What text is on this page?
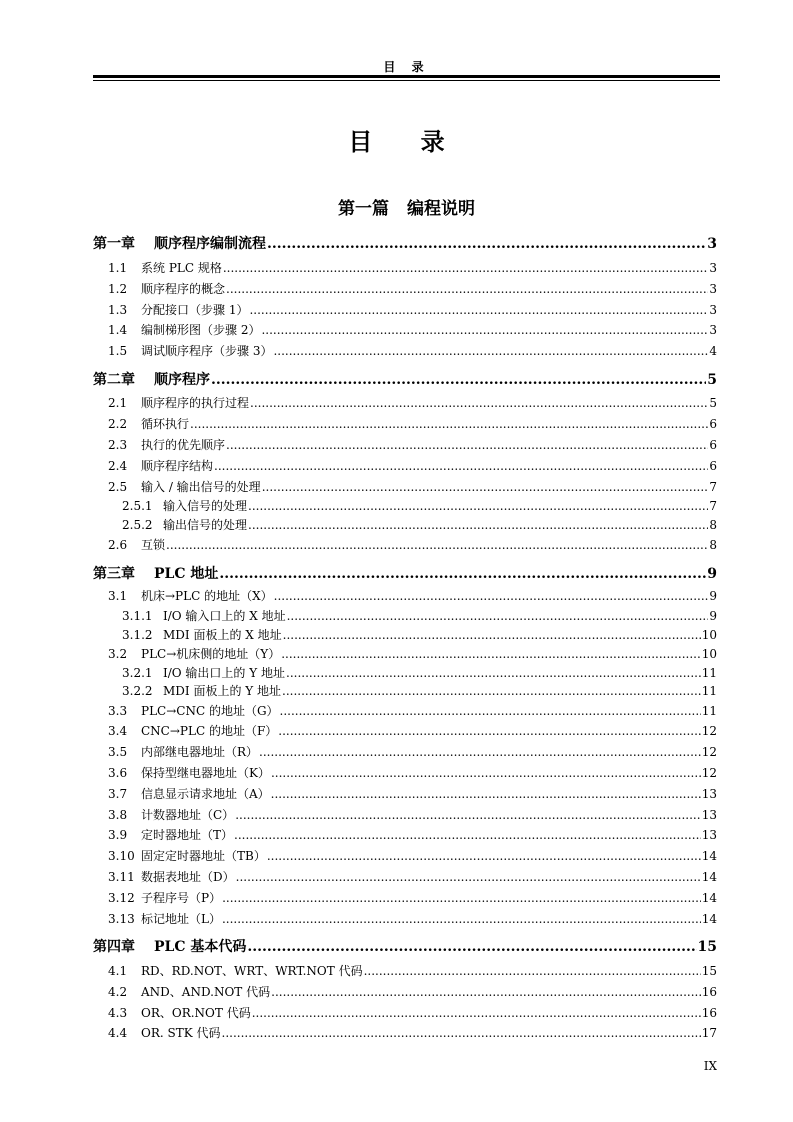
目 录
目 录
第一篇 编程说明
第一章	顺序程序编制流程 .....	3
1.1	系统 PLC 规格 .....	3
1.2	顺序程序的概念 .....	3
1.3	分配接口（步骤 1） .....	3
1.4	编制梯形图（步骤 2） .....	3
1.5	调试顺序程序（步骤 3） .....	4
第二章	顺序程序 .....	5
2.1	顺序程序的执行过程 .....	5
2.2	循环执行 .....	6
2.3	执行的优先顺序 .....	6
2.4	顺序程序结构 .....	6
2.5	输入 / 输出信号的处理 .....	7
2.5.1 输入信号的处理 .....	7
2.5.2 输出信号的处理 .....	8
2.6	互锁 .....	8
第三章	PLC 地址 .....	9
3.1	机床→PLC 的地址（X） .....	9
3.1.1 I/O 输入口上的 X 地址 .....	9
3.1.2 MDI 面板上的 X 地址 .....	10
3.2	PLC→机床侧的地址（Y） .....	10
3.2.1 I/O 输出口上的 Y 地址 .....	11
3.2.2 MDI 面板上的 Y 地址 .....	11
3.3	PLC→CNC 的地址（G） .....	11
3.4	CNC→PLC 的地址（F） .....	12
3.5	内部继电器地址（R） .....	12
3.6	保持型继电器地址（K） .....	12
3.7	信息显示请求地址（A） .....	13
3.8	计数器地址（C） .....	13
3.9	定时器地址（T） .....	13
3.10 固定定时器地址（TB） .....	14
3.11 数据表地址（D） .....	14
3.12 子程序号（P） .....	14
3.13 标记地址（L） .....	14
第四章	PLC 基本代码 .....	15
4.1	RD、RD.NOT、WRT、WRT.NOT 代码 .....	15
4.2	AND、AND.NOT 代码 .....	16
4.3	OR、OR.NOT 代码 .....	16
4.4	OR. STK 代码 .....	17
IX
